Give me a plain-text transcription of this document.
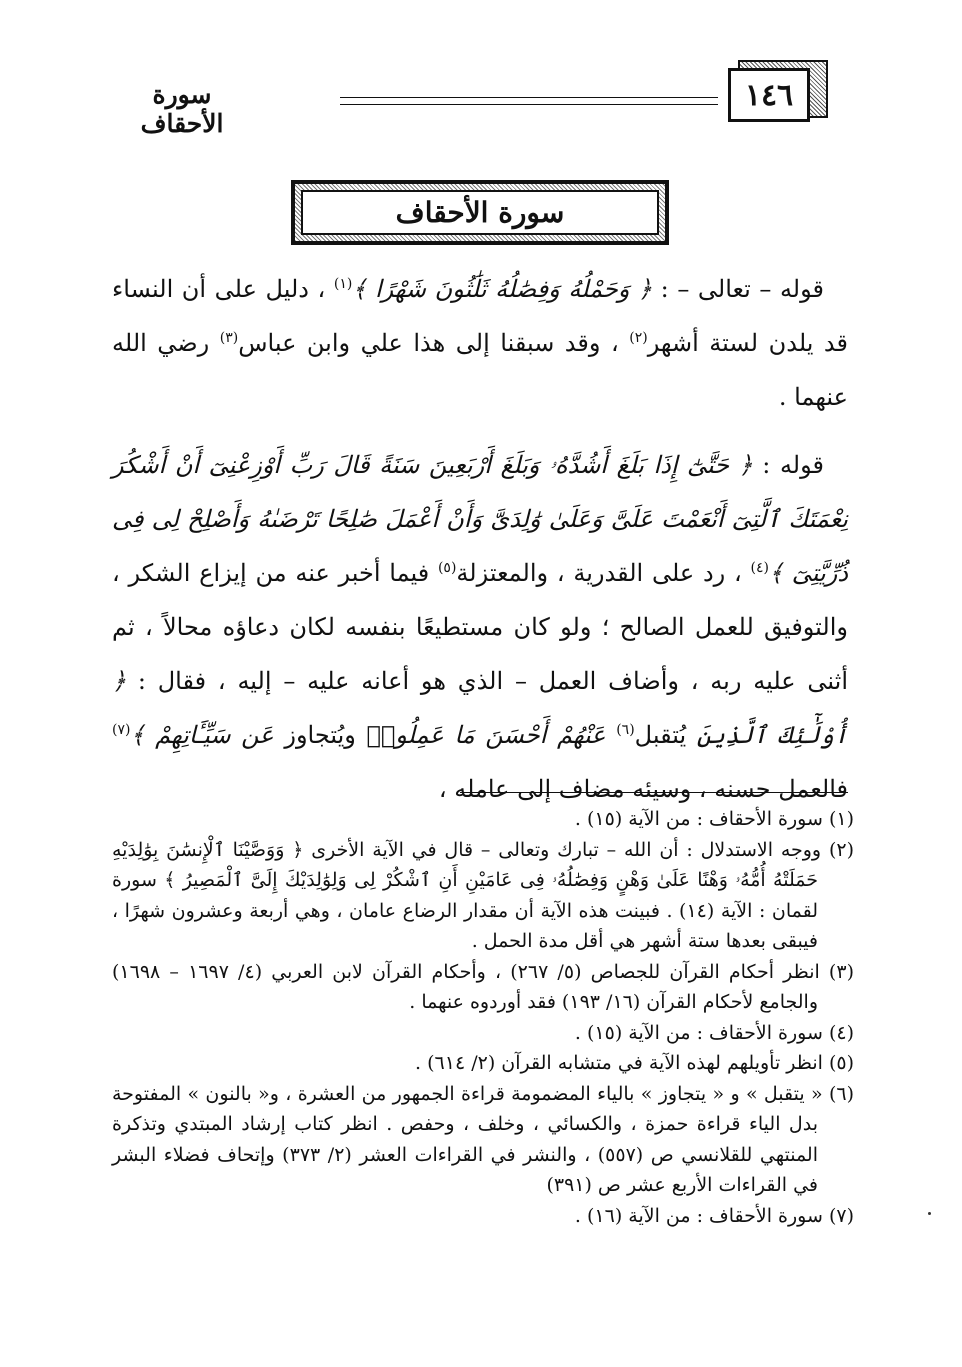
١٤٦
سورة الأحقاف
سورة الأحقاف

 قوله – تعالى – : ﴿ وَحَمْلُهُ وَفِصَٰلُهُ ثَلَٰثُونَ شَهْرًا ﴾$^{(١)}$ ، دليل على أن النساء قد يلدن لستة أشهر$^{(٢)}$ ، وقد سبقنا إلى هذا علي وابن عباس$^{(٣)}$ رضي الله عنهما .

 قوله : ﴿ حَتَّىٰٓ إِذَا بَلَغَ أَشُدَّهُۥ وَبَلَغَ أَرْبَعِينَ سَنَةً قَالَ رَبِّ أَوْزِعْنِىٓ أَنْ أَشْكُرَ نِعْمَتَكَ ٱلَّتِىٓ أَنْعَمْتَ عَلَىَّ وَعَلَىٰ وَٰلِدَىَّ وَأَنْ أَعْمَلَ صَٰلِحًا تَرْضَىٰهُ وَأَصْلِحْ لِى فِى ذُرِّيَّتِىٓ ﴾$^{(٤)}$ ، رد على القدرية ، والمعتزلة$^{(٥)}$ فيما أخبر عنه من إيزاع الشكر ، والتوفيق للعمل الصالح ؛ ولو كان مستطيعًا بنفسه لكان دعاؤه محالاً ، ثم أثنى عليه ربه ، وأضاف العمل – الذي هو أعانه عليه – إليه ، فقال : ﴿ أُوْلَٰٓئِكَ ٱلَّذِينَ يُتقبل$^{(٦)}$ عَنْهُمْ أَحْسَنَ مَا عَمِلُوا۟ ويُتجاوز عَن سَيِّـَٔاتِهِمْ ﴾$^{(٧)}$ فالعمل حسنه ، وسيئه مضاف إلى عامله ،

(١) سورة الأحقاف : من الآية (١٥) .

(٢) ووجه الاستدلال : أن الله – تبارك وتعالى – قال في الآية الأخرى ﴿ وَوَصَّيْنَا ٱلْإِنسَٰنَ بِوَٰلِدَيْهِ حَمَلَتْهُ أُمُّهُۥ وَهْنًا عَلَىٰ وَهْنٍ وَفِصَٰلُهُۥ فِى عَامَيْنِ أَنِ ٱشْكُرْ لِى وَلِوَٰلِدَيْكَ إِلَىَّ ٱلْمَصِيرُ ﴾ سورة لقمان : الآية (١٤) . فبينت هذه الآية أن مقدار الرضاع عامان ، وهي أربعة وعشرون شهرًا ، فيبقى بعدها ستة أشهر هي أقل مدة الحمل .

(٣) انظر أحكام القرآن للجصاص (٥/ ٢٦٧) ، وأحكام القرآن لابن العربي (٤/ ١٦٩٧ – ١٦٩٨) والجامع لأحكام القرآن (١٦/ ١٩٣) فقد أوردوه عنهما .

(٤) سورة الأحقاف : من الآية (١٥) .

(٥) انظر تأويلهم لهذه الآية في متشابه القرآن (٢/ ٦١٤) .

(٦) « يتقبل » و « يتجاوز » بالياء المضمومة قراءة الجمهور من العشرة ، و« بالنون » المفتوحة بدل الياء قراءة حمزة ، والكسائي ، وخلف ، وحفص . انظر كتاب إرشاد المبتدي وتذكرة المنتهي للقلانسي ص (٥٥٧) ، والنشر في القراءات العشر (٢/ ٣٧٣) وإتحاف فضلاء البشر في القراءات الأربع عشر ص (٣٩١)

(٧) سورة الأحقاف : من الآية (١٦) .
